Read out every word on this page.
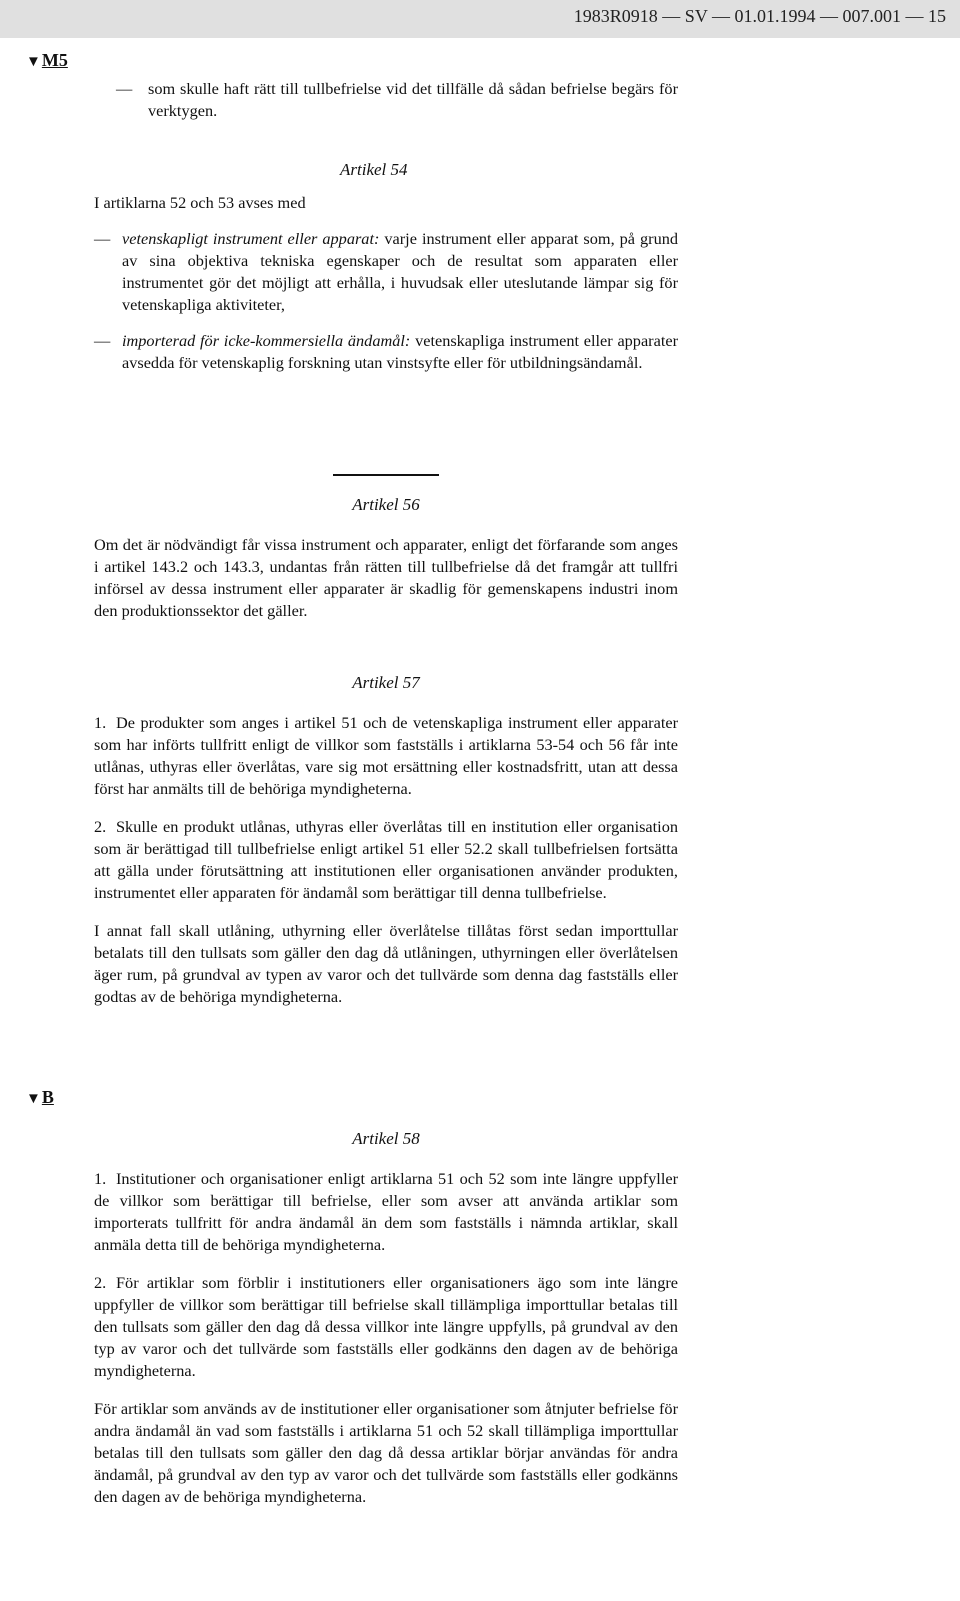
1983R0918 — SV — 01.01.1994 — 007.001 — 15
▼M5
— som skulle haft rätt till tullbefrielse vid det tillfälle då sådan befrielse begärs för verktygen.
Artikel 54

I artiklarna 52 och 53 avses med

— vetenskapligt instrument eller apparat: varje instrument eller apparat som, på grund av sina objektiva tekniska egenskaper och de resultat som apparaten eller instrumentet gör det möjligt att erhålla, i huvudsak eller uteslutande lämpar sig för vetenskapliga aktiviteter,
— importerad för icke-kommersiella ändamål: vetenskapliga instrument eller apparater avsedda för vetenskaplig forskning utan vinstsyfte eller för utbildningsändamål.
Artikel 56

Om det är nödvändigt får vissa instrument och apparater, enligt det förfarande som anges i artikel 143.2 och 143.3, undantas från rätten till tullbefrielse då det framgår att tullfri införsel av dessa instrument eller apparater är skadlig för gemenskapens industri inom den produktionssektor det gäller.

Artikel 57

1. De produkter som anges i artikel 51 och de vetenskapliga instrument eller apparater som har införts tullfritt enligt de villkor som fastställs i artiklarna 53-54 och 56 får inte utlånas, uthyras eller överlåtas, vare sig mot ersättning eller kostnadsfritt, utan att dessa först har anmälts till de behöriga myndigheterna.

2. Skulle en produkt utlånas, uthyras eller överlåtas till en institution eller organisation som är berättigad till tullbefrielse enligt artikel 51 eller 52.2 skall tullbefrielsen fortsätta att gälla under förutsättning att institutionen eller organisationen använder produkten, instrumentet eller apparaten för ändamål som berättigar till denna tullbefrielse.

I annat fall skall utlåning, uthyrning eller överlåtelse tillåtas först sedan importtullar betalats till den tullsats som gäller den dag då utlåningen, uthyrningen eller överlåtelsen äger rum, på grundval av typen av varor och det tullvärde som denna dag fastställs eller godtas av de behöriga myndigheterna.

▼B
Artikel 58

1. Institutioner och organisationer enligt artiklarna 51 och 52 som inte längre uppfyller de villkor som berättigar till befrielse, eller som avser att använda artiklar som importerats tullfritt för andra ändamål än dem som fastställs i nämnda artiklar, skall anmäla detta till de behöriga myndigheterna.

2. För artiklar som förblir i institutioners eller organisationers ägo som inte längre uppfyller de villkor som berättigar till befrielse skall tillämpliga importtullar betalas till den tullsats som gäller den dag då dessa villkor inte längre uppfylls, på grundval av den typ av varor och det tullvärde som fastställs eller godkänns den dagen av de behöriga myndigheterna.

För artiklar som används av de institutioner eller organisationer som åtnjuter befrielse för andra ändamål än vad som fastställs i artiklarna 51 och 52 skall tillämpliga importtullar betalas till den tullsats som gäller den dag då dessa artiklar börjar användas för andra ändamål, på grundval av den typ av varor och det tullvärde som fastställs eller godkänns den dagen av de behöriga myndigheterna.
